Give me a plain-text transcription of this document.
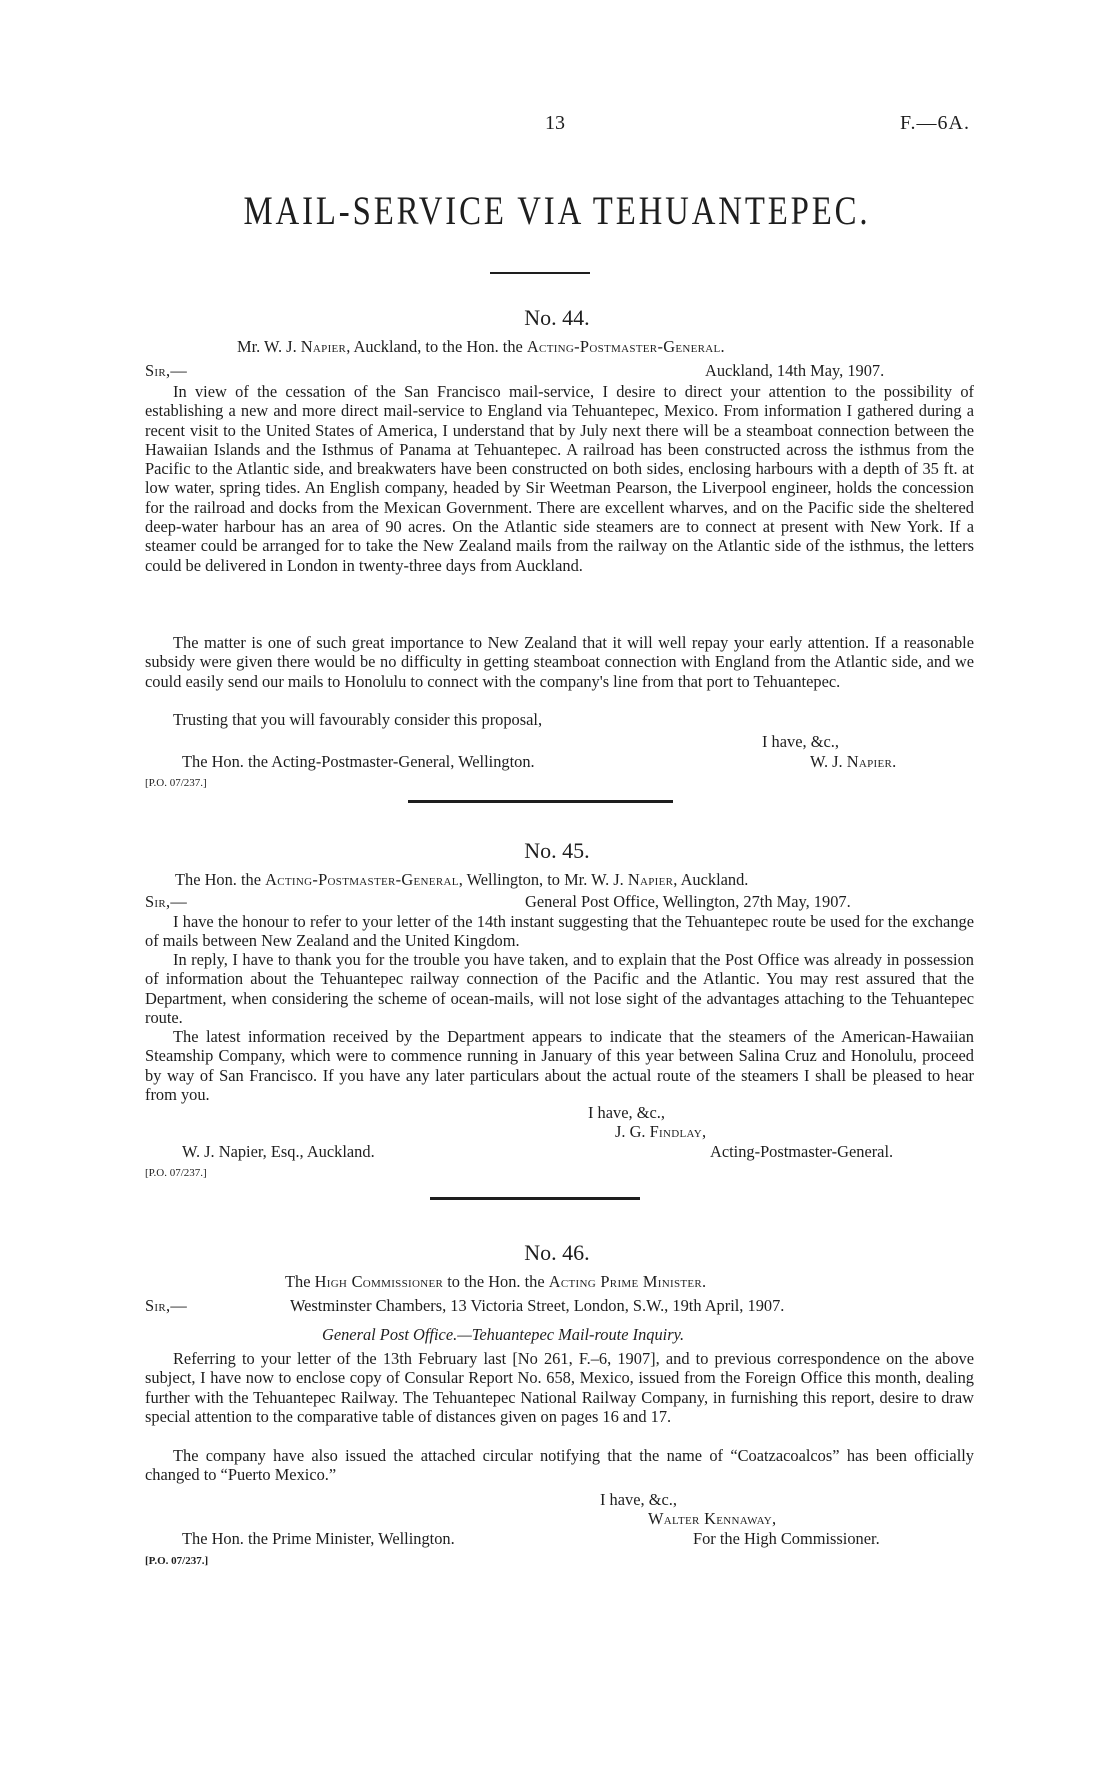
13	F.—6A.
MAIL-SERVICE VIA TEHUANTEPEC.
No. 44.
Mr. W. J. Napier, Auckland, to the Hon. the Acting-Postmaster-General.
Sir,—	Auckland, 14th May, 1907.

In view of the cessation of the San Francisco mail-service, I desire to direct your attention to the possibility of establishing a new and more direct mail-service to England via Tehuantepec, Mexico. From information I gathered during a recent visit to the United States of America, I understand that by July next there will be a steamboat connection between the Hawaiian Islands and the Isthmus of Panama at Tehuantepec. A railroad has been constructed across the isthmus from the Pacific to the Atlantic side, and breakwaters have been constructed on both sides, enclosing harbours with a depth of 35 ft. at low water, spring tides. An English company, headed by Sir Weetman Pearson, the Liverpool engineer, holds the concession for the railroad and docks from the Mexican Government. There are excellent wharves, and on the Pacific side the sheltered deep-water harbour has an area of 90 acres. On the Atlantic side steamers are to connect at present with New York. If a steamer could be arranged for to take the New Zealand mails from the railway on the Atlantic side of the isthmus, the letters could be delivered in London in twenty-three days from Auckland.

The matter is one of such great importance to New Zealand that it will well repay your early attention. If a reasonable subsidy were given there would be no difficulty in getting steamboat connection with England from the Atlantic side, and we could easily send our mails to Honolulu to connect with the company's line from that port to Tehuantepec.

Trusting that you will favourably consider this proposal,

I have, &c.,
The Hon. the Acting-Postmaster-General, Wellington.	W. J. Napier.
[P.O. 07/237.]
No. 45.
The Hon. the Acting-Postmaster-General, Wellington, to Mr. W. J. Napier, Auckland.
Sir,—	General Post Office, Wellington, 27th May, 1907.

I have the honour to refer to your letter of the 14th instant suggesting that the Tehuantepec route be used for the exchange of mails between New Zealand and the United Kingdom.

In reply, I have to thank you for the trouble you have taken, and to explain that the Post Office was already in possession of information about the Tehuantepec railway connection of the Pacific and the Atlantic. You may rest assured that the Department, when considering the scheme of ocean-mails, will not lose sight of the advantages attaching to the Tehuantepec route.

The latest information received by the Department appears to indicate that the steamers of the American-Hawaiian Steamship Company, which were to commence running in January of this year between Salina Cruz and Honolulu, proceed by way of San Francisco. If you have any later particulars about the actual route of the steamers I shall be pleased to hear from you.

I have, &c.,
J. G. Findlay,
W. J. Napier, Esq., Auckland.	Acting-Postmaster-General.
[P.O. 07/237.]
No. 46.
The High Commissioner to the Hon. the Acting Prime Minister.
Sir,—	Westminster Chambers, 13 Victoria Street, London, S.W., 19th April, 1907.
General Post Office.—Tehuantepec Mail-route Inquiry.

Referring to your letter of the 13th February last [No 261, F.–6, 1907], and to previous correspondence on the above subject, I have now to enclose copy of Consular Report No. 658, Mexico, issued from the Foreign Office this month, dealing further with the Tehuantepec Railway. The Tehuantepec National Railway Company, in furnishing this report, desire to draw special attention to the comparative table of distances given on pages 16 and 17.

The company have also issued the attached circular notifying that the name of “Coatzacoalcos” has been officially changed to “Puerto Mexico.”

I have, &c.,
Walter Kennaway,
The Hon. the Prime Minister, Wellington.	For the High Commissioner.
[P.O. 07/237.]
